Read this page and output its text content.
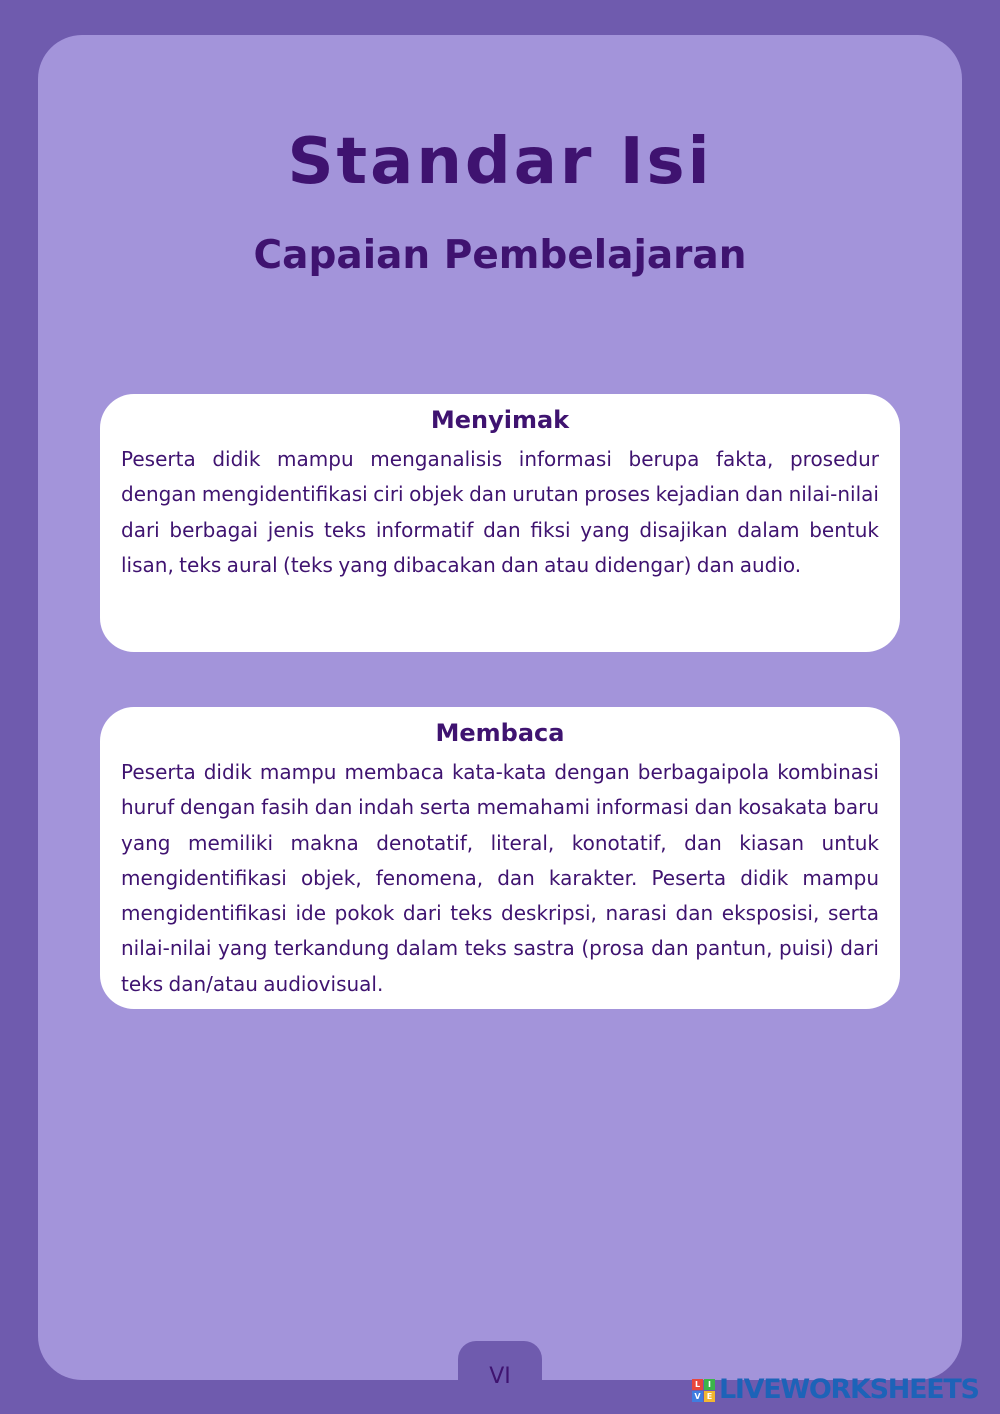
Standar Isi
Capaian Pembelajaran
Menyimak

Peserta didik mampu menganalisis informasi berupa fakta, prosedur dengan mengidentifikasi ciri objek dan urutan proses kejadian dan nilai-nilai dari berbagai jenis teks informatif dan fiksi yang disajikan dalam bentuk lisan, teks aural (teks yang dibacakan dan atau didengar) dan audio.

Membaca

Peserta didik mampu membaca kata-kata dengan berbagaipola kombinasi huruf dengan fasih dan indah serta memahami informasi dan kosakata baru yang memiliki makna denotatif, literal, konotatif, dan kiasan untuk mengidentifikasi objek, fenomena, dan karakter. Peserta didik mampu mengidentifikasi ide pokok dari teks deskripsi, narasi dan eksposisi, serta nilai-nilai yang terkandung dalam teks sastra (prosa dan pantun, puisi) dari teks dan/atau audiovisual.

VI	L I
V E LIVEWORKSHEETS
